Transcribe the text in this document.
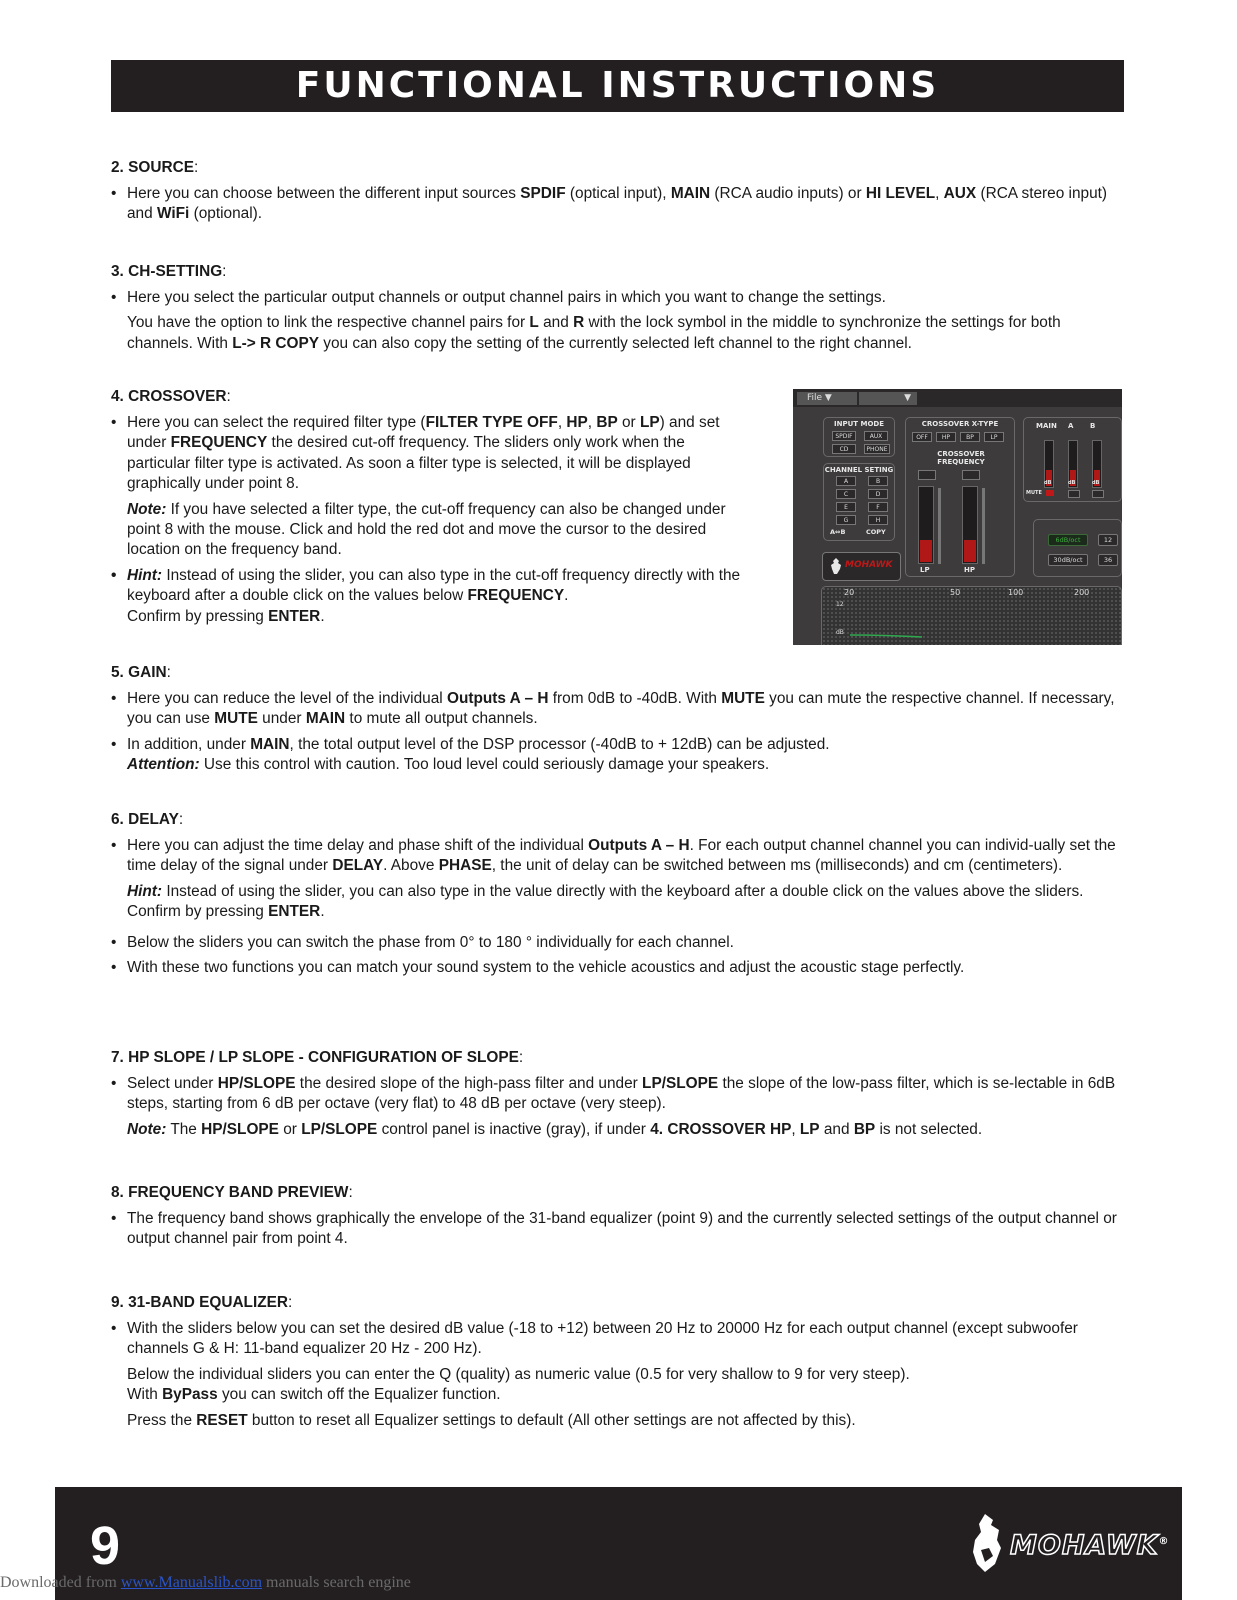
FUNCTIONAL INSTRUCTIONS
2. SOURCE:
• Here you can choose between the different input sources SPDIF (optical input), MAIN (RCA audio inputs) or HI LEVEL, AUX (RCA stereo input) and WiFi (optional).
3. CH-SETTING:
• Here you select the particular output channels or output channel pairs in which you want to change the settings.
You have the option to link the respective channel pairs for L and R with the lock symbol in the middle to synchronize the settings for both channels. With L-> R COPY you can also copy the setting of the currently selected left channel to the right channel.
4. CROSSOVER:
• Here you can select the required filter type (FILTER TYPE OFF, HP, BP or LP) and set under FREQUENCY the desired cut-off frequency. The sliders only work when the particular filter type is activated. As soon a filter type is selected, it will be displayed graphically under point 8.
Note: If you have selected a filter type, the cut-off frequency can also be changed under point 8 with the mouse. Click and hold the red dot and move the cursor to the desired location on the frequency band.
• Hint: Instead of using the slider, you can also type in the cut-off frequency directly with the keyboard after a double click on the values below FREQUENCY.
Confirm by pressing ENTER.
5. GAIN:
• Here you can reduce the level of the individual Outputs A – H from 0dB to -40dB. With MUTE you can mute the respective channel. If necessary, you can use MUTE under MAIN to mute all output channels.
• In addition, under MAIN, the total output level of the DSP processor (-40dB to + 12dB) can be adjusted.
Attention: Use this control with caution. Too loud level could seriously damage your speakers.
6. DELAY:
• Here you can adjust the time delay and phase shift of the individual Outputs A – H. For each output channel channel you can individ-ually set the time delay of the signal under DELAY. Above PHASE, the unit of delay can be switched between ms (milliseconds) and cm (centimeters).
Hint: Instead of using the slider, you can also type in the value directly with the keyboard after a double click on the values above the sliders. Confirm by pressing ENTER.
• Below the sliders you can switch the phase from 0° to 180 ° individually for each channel.
• With these two functions you can match your sound system to the vehicle acoustics and adjust the acoustic stage perfectly.
7. HP SLOPE / LP SLOPE - CONFIGURATION OF SLOPE:
• Select under HP/SLOPE the desired slope of the high-pass filter and under LP/SLOPE the slope of the low-pass filter, which is se-lectable in 6dB steps, starting from 6 dB per octave (very flat) to 48 dB per octave (very steep).
Note: The HP/SLOPE or LP/SLOPE control panel is inactive (gray), if under 4. CROSSOVER HP, LP and BP is not selected.
8. FREQUENCY BAND PREVIEW:
• The frequency band shows graphically the envelope of the 31-band equalizer (point 9) and the currently selected settings of the output channel or output channel pair from point 4.
9. 31-BAND EQUALIZER:
• With the sliders below you can set the desired dB value (-18 to +12) between 20 Hz to 20000 Hz for each output channel (except subwoofer channels G & H: 11-band equalizer 20 Hz - 200 Hz).
Below the individual sliders you can enter the Q (quality) as numeric value (0.5 for very shallow to 9 for very steep).
With ByPass you can switch off the Equalizer function.
Press the RESET button to reset all Equalizer settings to default (All other settings are not affected by this).
File ▼	▼
INPUT MODE
SPDIF	AUX
CD	PHONE
CHANNEL SETING
A	B
C	D
E	F
G	H
A⇔B	COPY
CROSSOVER X-TYPE
OFF	HP	BP	LP
CROSSOVER FREQUENCY
LP	HP
MAIN A B
MUTE
dB	dB	dB
6dB/oct	12
30dB/oct	36
MOHAWK
20	50	100	200
12
dB
9	MOHAWK®
Downloaded from www.Manualslib.com manuals search engine
